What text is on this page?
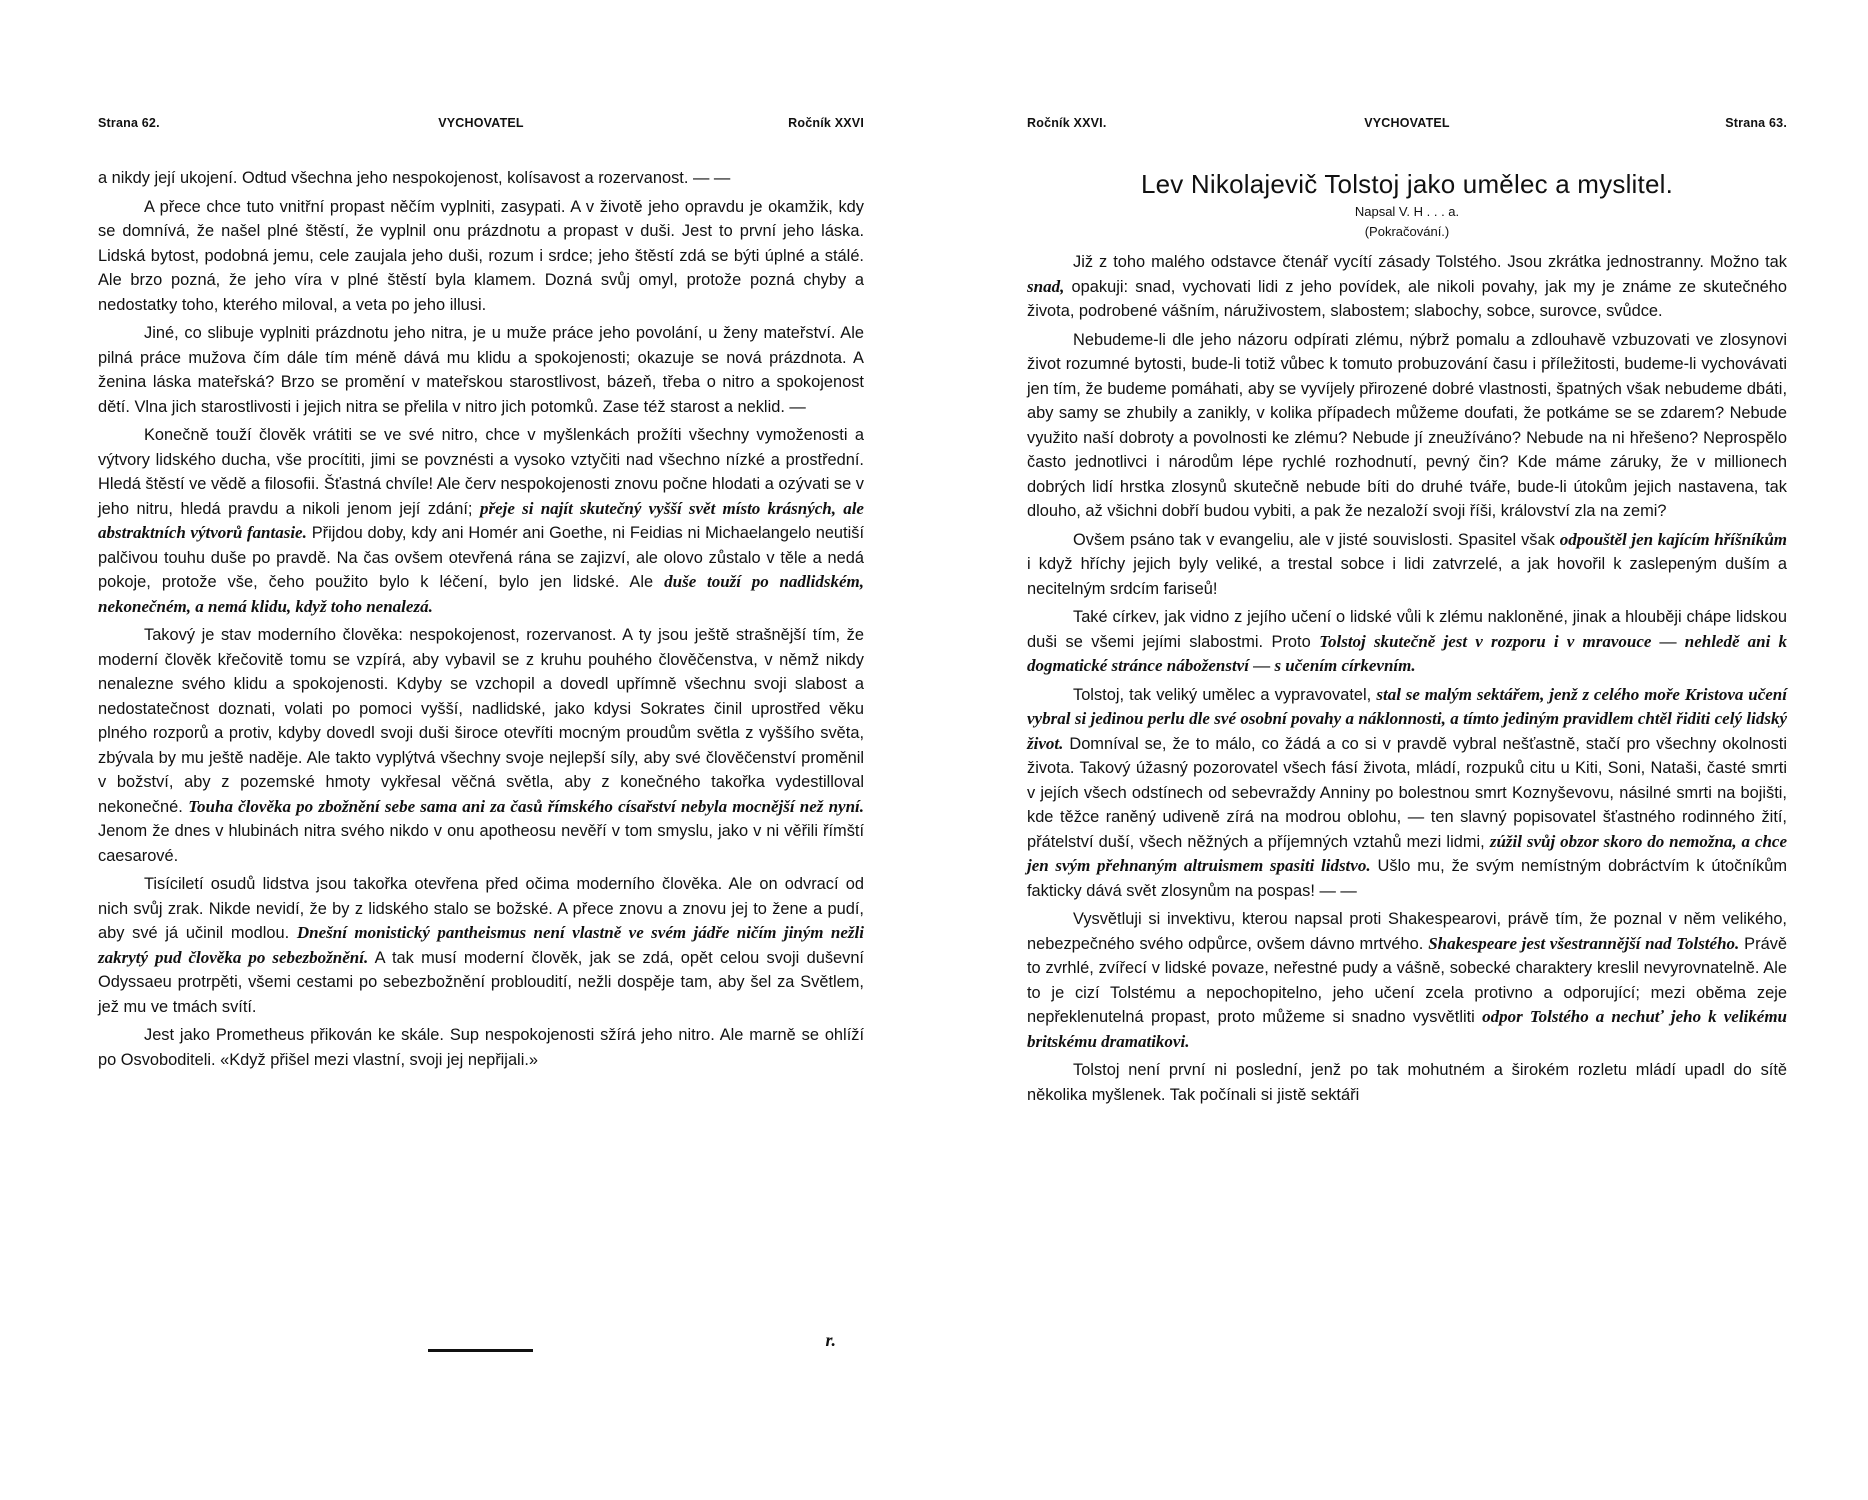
Strana 62.	VYCHOVATEL	Ročník XXVI

a nikdy její ukojení. Odtud všechna jeho nespokojenost, kolísavost a rozervanost. — —

A přece chce tuto vnitřní propast něčím vyplniti, zasypati. A v životě jeho opravdu je okamžik, kdy se domnívá, že našel plné štěstí, že vyplnil onu prázdnotu a propast v duši. Jest to první jeho láska. Lidská bytost, podobná jemu, cele zaujala jeho duši, rozum i srdce; jeho štěstí zdá se býti úplné a stálé. Ale brzo pozná, že jeho víra v plné štěstí byla klamem. Dozná svůj omyl, protože pozná chyby a nedostatky toho, kterého miloval, a veta po jeho illusi.

Jiné, co slibuje vyplniti prázdnotu jeho nitra, je u muže práce jeho povolání, u ženy mateřství. Ale pilná práce mužova čím dále tím méně dává mu klidu a spokojenosti; okazuje se nová prázdnota. A ženina láska mateřská? Brzo se promění v mateřskou starostlivost, bázeň, třeba o nitro a spokojenost dětí. Vlna jich starostlivosti i jejich nitra se přelila v nitro jich potomků. Zase též starost a neklid. —

Konečně touží člověk vrátiti se ve své nitro, chce v myšlenkách prožíti všechny vymoženosti a výtvory lidského ducha, vše procítiti, jimi se povznésti a vysoko vztyčiti nad všechno nízké a prostřední. Hledá štěstí ve vědě a filosofii. Šťastná chvíle! Ale červ nespokojenosti znovu počne hlodati a ozývati se v jeho nitru, hledá pravdu a nikoli jenom její zdání; přeje si najít skutečný vyšší svět místo krásných, ale abstraktních výtvorů fantasie. Přijdou doby, kdy ani Homér ani Goethe, ni Feidias ni Michaelangelo neutiší palčivou touhu duše po pravdě. Na čas ovšem otevřená rána se zajizví, ale olovo zůstalo v těle a nedá pokoje, protože vše, čeho použito bylo k léčení, bylo jen lidské. Ale duše touží po nadlidském, nekonečném, a nemá klidu, když toho nenalezá.

Takový je stav moderního člověka: nespokojenost, rozervanost. A ty jsou ještě strašnější tím, že moderní člověk křečovitě tomu se vzpírá, aby vybavil se z kruhu pouhého člověčenstva, v němž nikdy nenalezne svého klidu a spokojenosti. Kdyby se vzchopil a dovedl upřímně všechnu svoji slabost a nedostatečnost doznati, volati po pomoci vyšší, nadlidské, jako kdysi Sokrates činil uprostřed věku plného rozporů a protiv, kdyby dovedl svoji duši široce otevříti mocným proudům světla z vyššího světa, zbývala by mu ještě naděje. Ale takto vyplýtvá všechny svoje nejlepší síly, aby své člověčenství proměnil v božství, aby z pozemské hmoty vykřesal věčná světla, aby z konečného takořka vydestilloval nekonečné. Touha člověka po zbožnění sebe sama ani za časů římského císařství nebyla mocnější než nyní. Jenom že dnes v hlubinách nitra svého nikdo v onu apotheosu nevěří v tom smyslu, jako v ni věřili římští caesarové.

Tisíciletí osudů lidstva jsou takořka otevřena před očima moderního člověka. Ale on odvrací od nich svůj zrak. Nikde nevidí, že by z lidského stalo se božské. A přece znovu a znovu jej to žene a pudí, aby své já učinil modlou. Dnešní monistický pantheismus není vlastně ve svém jádře ničím jiným nežli zakrytý pud člověka po sebezbožnění. A tak musí moderní člověk, jak se zdá, opět celou svoji duševní Odyssaeu protrpěti, všemi cestami po sebezbožnění probloudití, nežli dospěje tam, aby šel za Světlem, jež mu ve tmách svítí.

Jest jako Prometheus přikován ke skále. Sup nespokojenosti sžírá jeho nitro. Ale marně se ohlíží po Osvoboditeli. «Když přišel mezi vlastní, svoji jej nepřijali.»

r.
Ročník XXVI.	VYCHOVATEL	Strana 63.
Lev Nikolajevič Tolstoj jako umělec a myslitel.
Napsal V. H . . . a.
(Pokračování.)

Již z toho malého odstavce čtenář vycítí zásady Tolstého. Jsou zkrátka jednostranny. Možno tak snad, opakuji: snad, vychovati lidi z jeho povídek, ale nikoli povahy, jak my je známe ze skutečného života, podrobené vášním, náruživostem, slabostem; slabochy, sobce, surovce, svůdce.

Nebudeme-li dle jeho názoru odpírati zlému, nýbrž pomalu a zdlouhavě vzbuzovati ve zlosynovi život rozumné bytosti, bude-li totiž vůbec k tomuto probuzování času i příležitosti, budeme-li vychovávati jen tím, že budeme pomáhati, aby se vyvíjely přirozené dobré vlastnosti, špatných však nebudeme dbáti, aby samy se zhubily a zanikly, v kolika případech můžeme doufati, že potkáme se se zdarem? Nebude využito naší dobroty a povolnosti ke zlému? Nebude jí zneužíváno? Nebude na ni hřešeno? Neprospělo často jednotlivci i národům lépe rychlé rozhodnutí, pevný čin? Kde máme záruky, že v millionech dobrých lidí hrstka zlosynů skutečně nebude bíti do druhé tváře, bude-li útokům jejich nastavena, tak dlouho, až všichni dobří budou vybiti, a pak že nezaloží svoji říši, království zla na zemi?

Ovšem psáno tak v evangeliu, ale v jisté souvislosti. Spasitel však odpouštěl jen kajícím hříšníkům i když hříchy jejich byly veliké, a trestal sobce i lidi zatvrzelé, a jak hovořil k zaslepeným duším a necitelným srdcím fariseů!

Také církev, jak vidno z jejího učení o lidské vůli k zlému nakloněné, jinak a hlouběji chápe lidskou duši se všemi jejími slabostmi. Proto Tolstoj skutečně jest v rozporu i v mravouce — nehledě ani k dogmatické stránce náboženství — s učením církevním.

Tolstoj, tak veliký umělec a vypravovatel, stal se malým sektářem, jenž z celého moře Kristova učení vybral si jedinou perlu dle své osobní povahy a náklonnosti, a tímto jediným pravidlem chtěl řiditi celý lidský život. Domníval se, že to málo, co žádá a co si v pravdě vybral nešťastně, stačí pro všechny okolnosti života. Takový úžasný pozorovatel všech fásí života, mládí, rozpuků citu u Kiti, Soni, Nataši, časté smrti v jejích všech odstínech od sebevraždy Anniny po bolestnou smrt Koznyševovu, násilné smrti na bojišti, kde těžce raněný udiveně zírá na modrou oblohu, — ten slavný popisovatel šťastného rodinného žití, přátelství duší, všech něžných a příjemných vztahů mezi lidmi, zúžil svůj obzor skoro do nemožna, a chce jen svým přehnaným altruismem spasiti lidstvo. Ušlo mu, že svým nemístným dobráctvím k útočníkům fakticky dává svět zlosynům na pospas! — —

Vysvětluji si invektivu, kterou napsal proti Shakespearovi, právě tím, že poznal v něm velikého, nebezpečného svého odpůrce, ovšem dávno mrtvého. Shakespeare jest všestrannější nad Tolstého. Právě to zvrhlé, zvířecí v lidské povaze, neřestné pudy a vášně, sobecké charaktery kreslil nevyrovnatelně. Ale to je cizí Tolstému a nepochopitelno, jeho učení zcela protivno a odporující; mezi oběma zeje nepřeklenutelná propast, proto můžeme si snadno vysvětliti odpor Tolstého a nechuť jeho k velikému britskému dramatikovi.

Tolstoj není první ni poslední, jenž po tak mohutném a širokém rozletu mládí upadl do sítě několika myšlenek. Tak počínali si jistě sektáři
